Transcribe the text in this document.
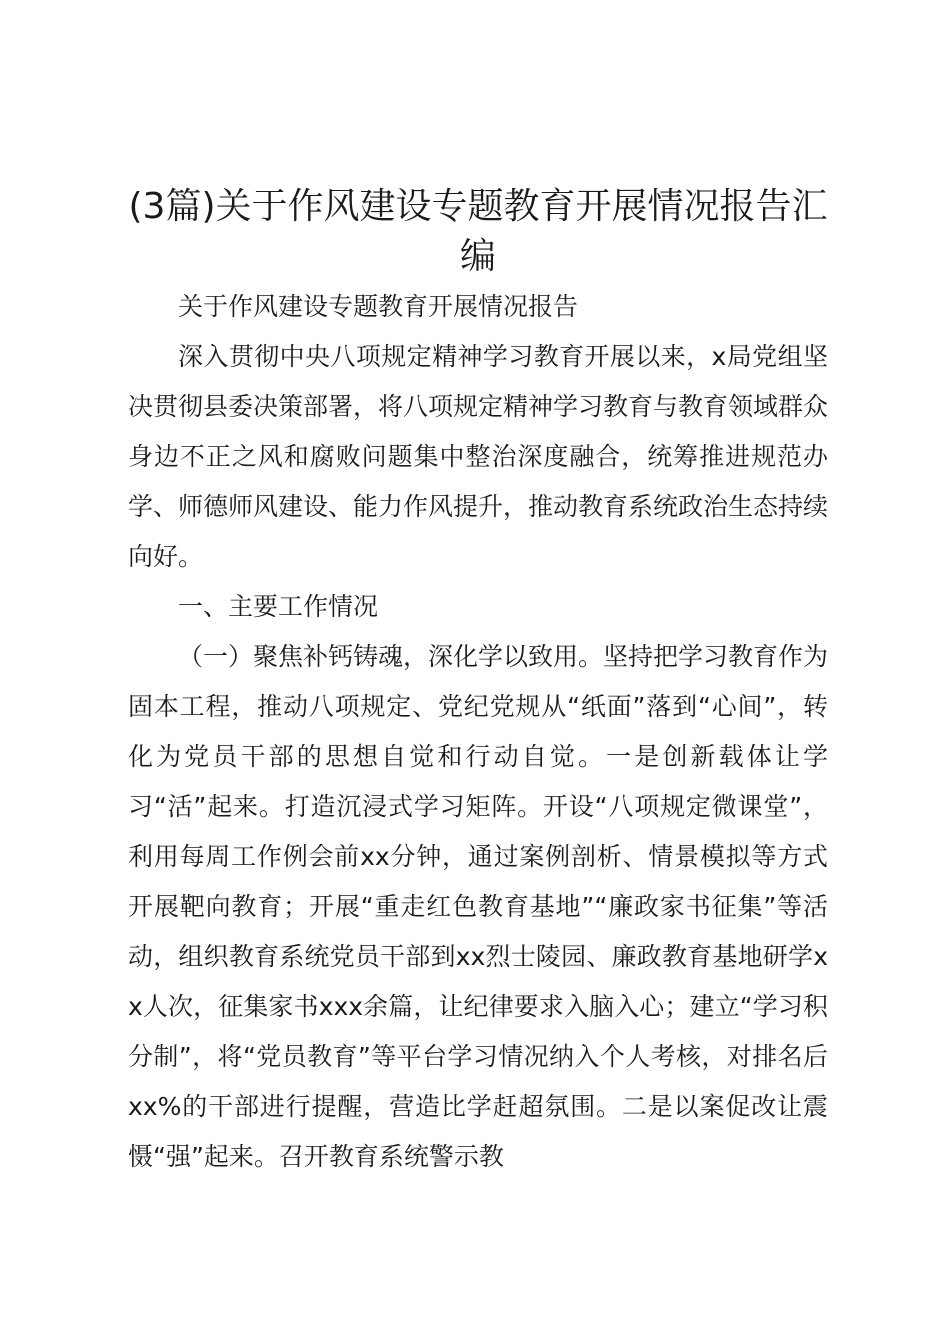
(3篇)关于作风建设专题教育开展情况报告汇编

关于作风建设专题教育开展情况报告

深入贯彻中央八项规定精神学习教育开展以来，x局党组坚决贯彻县委决策部署，将八项规定精神学习教育与教育领域群众身边不正之风和腐败问题集中整治深度融合，统筹推进规范办学、师德师风建设、能力作风提升，推动教育系统政治生态持续向好。

一、主要工作情况

（一）聚焦补钙铸魂，深化学以致用。坚持把学习教育作为固本工程，推动八项规定、党纪党规从“纸面”落到“心间”，转化为党员干部的思想自觉和行动自觉。一是创新载体让学习“活”起来。打造沉浸式学习矩阵。开设“八项规定微课堂”，利用每周工作例会前xx分钟，通过案例剖析、情景模拟等方式开展靶向教育；开展“重走红色教育基地”“廉政家书征集”等活动，组织教育系统党员干部到xx烈士陵园、廉政教育基地研学xx人次，征集家书xxx余篇，让纪律要求入脑入心；建立“学习积分制”，将“党员教育”等平台学习情况纳入个人考核，对排名后xx%的干部进行提醒，营造比学赶超氛围。二是以案促改让震慑“强”起来。召开教育系统警示教
